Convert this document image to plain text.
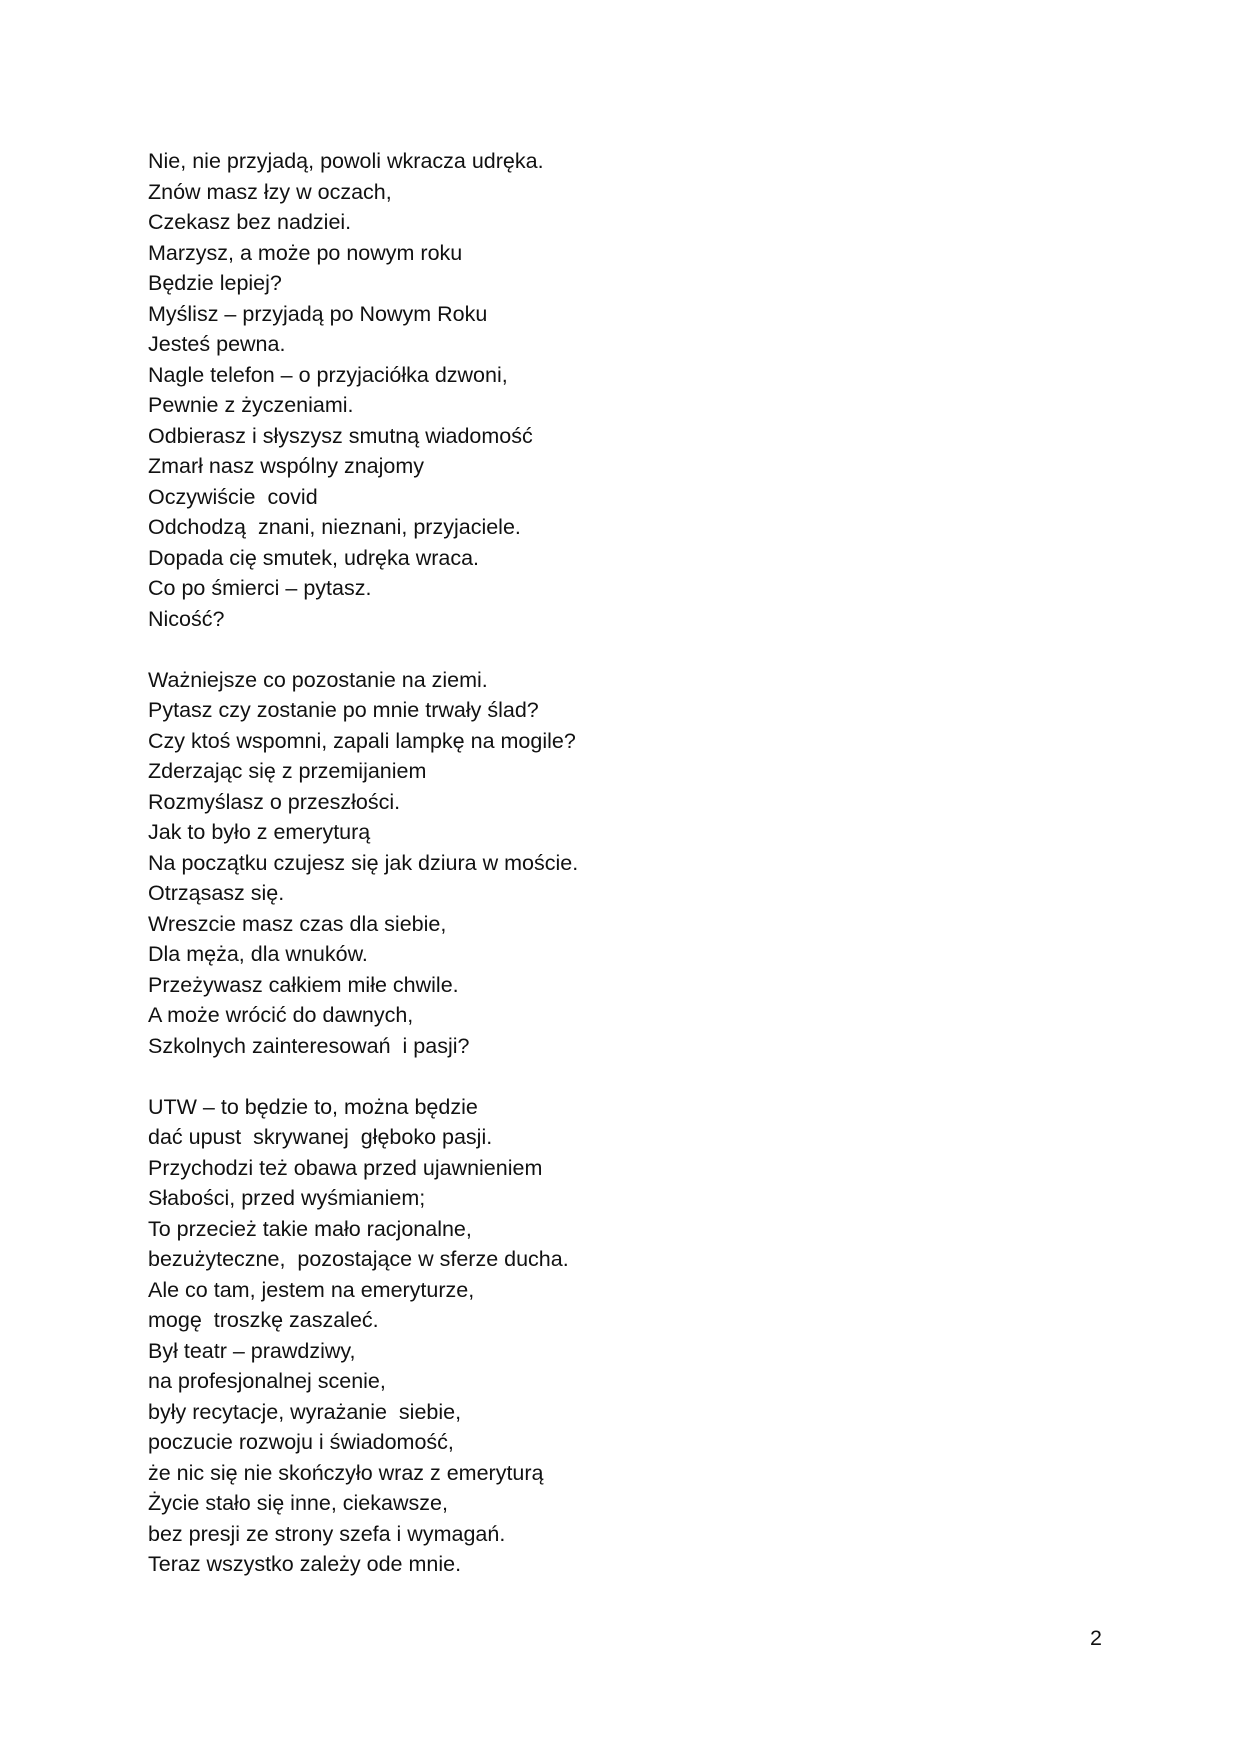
Nie, nie przyjadą, powoli wkracza udręka.
Znów masz łzy w oczach,
Czekasz bez nadziei.
Marzysz, a może po nowym roku
Będzie lepiej?
Myślisz – przyjadą po Nowym Roku
Jesteś pewna.
Nagle telefon – o przyjaciółka dzwoni,
Pewnie z życzeniami.
Odbierasz i słyszysz smutną wiadomość
Zmarł nasz wspólny znajomy
Oczywiście  covid
Odchodzą  znani, nieznani, przyjaciele.
Dopada cię smutek, udręka wraca.
Co po śmierci – pytasz.
Nicość?
Ważniejsze co pozostanie na ziemi.
Pytasz czy zostanie po mnie trwały ślad?
Czy ktoś wspomni, zapali lampkę na mogile?
Zderzając się z przemijaniem
Rozmyślasz o przeszłości.
Jak to było z emeryturą
Na początku czujesz się jak dziura w moście.
Otrząsasz się.
Wreszcie masz czas dla siebie,
Dla męża, dla wnuków.
Przeżywasz całkiem miłe chwile.
A może wrócić do dawnych,
Szkolnych zainteresowań  i pasji?
UTW – to będzie to, można będzie
dać upust  skrywanej  głęboko pasji.
Przychodzi też obawa przed ujawnieniem
Słabości, przed wyśmianiem;
To przecież takie mało racjonalne,
bezużyteczne,  pozostające w sferze ducha.
Ale co tam, jestem na emeryturze,
mogę  troszkę zaszaleć.
Był teatr – prawdziwy,
na profesjonalnej scenie,
były recytacje, wyrażanie  siebie,
poczucie rozwoju i świadomość,
że nic się nie skończyło wraz z emeryturą
Życie stało się inne, ciekawsze,
bez presji ze strony szefa i wymagań.
Teraz wszystko zależy ode mnie.
2
